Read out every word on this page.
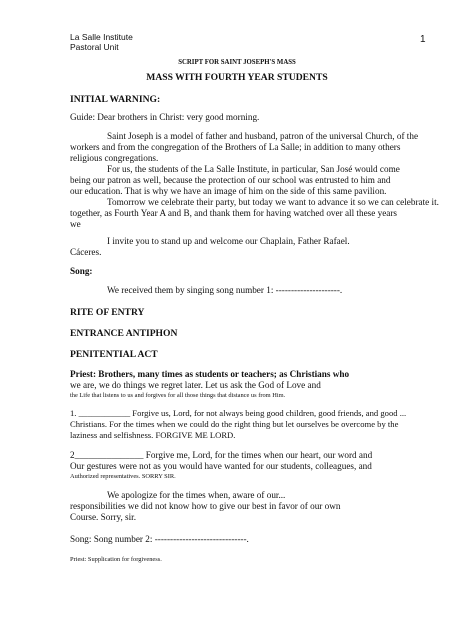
La Salle Institute
Pastoral Unit
1
SCRIPT FOR SAINT JOSEPH'S MASS
MASS WITH FOURTH YEAR STUDENTS
INITIAL WARNING:
Guide: Dear brothers in Christ: very good morning.
Saint Joseph is a model of father and husband, patron of the universal Church, of the
workers and from the congregation of the Brothers of La Salle; in addition to many others
religious congregations.
For us, the students of the La Salle Institute, in particular, San José would come
being our patron as well, because the protection of our school was entrusted to him and
our education. That is why we have an image of him on the side of this same pavilion.
Tomorrow we celebrate their party, but today we want to advance it so we can celebrate it.
together, as Fourth Year A and B, and thank them for having watched over all these years
we
I invite you to stand up and welcome our Chaplain, Father Rafael.
Cáceres.
Song:
We received them by singing song number 1: ---------------------.
RITE OF ENTRY
ENTRANCE ANTIPHON
PENITENTIAL ACT
Priest: Brothers, many times as students or teachers; as Christians who
we are, we do things we regret later. Let us ask the God of Love and
the Life that listens to us and forgives for all those things that distance us from Him.
1. ____________ Forgive us, Lord, for not always being good children, good friends, and good ...
Christians. For the times when we could do the right thing but let ourselves be overcome by the
laziness and selfishness. FORGIVE ME LORD.
2_______________ Forgive me, Lord, for the times when our heart, our word and
Our gestures were not as you would have wanted for our students, colleagues, and
Authorized representatives. SORRY SIR.
We apologize for the times when, aware of our...
responsibilities we did not know how to give our best in favor of our own
Course. Sorry, sir.
Song: Song number 2: ------------------------------.
Priest: Supplication for forgiveness.
